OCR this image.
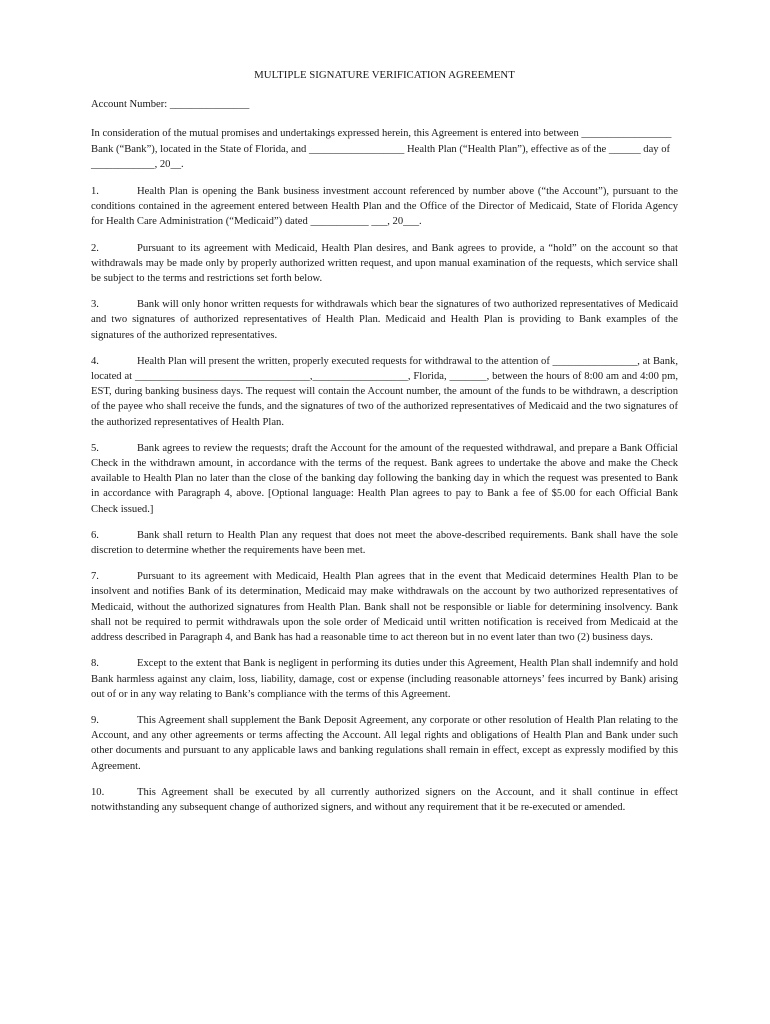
MULTIPLE SIGNATURE VERIFICATION AGREEMENT
Account Number: _______________
In consideration of the mutual promises and undertakings expressed herein, this Agreement is entered into between _________________ Bank (“Bank”), located in the State of Florida, and __________________ Health Plan (“Health Plan”), effective as of the ______ day of ____________, 20__.
1.	Health Plan is opening the Bank business investment account referenced by number above (“the Account”), pursuant to the conditions contained in the agreement entered between Health Plan and the Office of the Director of Medicaid, State of Florida Agency for Health Care Administration (“Medicaid”) dated ___________ ___, 20___.
2.	Pursuant to its agreement with Medicaid, Health Plan desires, and Bank agrees to provide, a “hold” on the account so that withdrawals may be made only by properly authorized written request, and upon manual examination of the requests, which service shall be subject to the terms and restrictions set forth below.
3.	Bank will only honor written requests for withdrawals which bear the signatures of two authorized representatives of Medicaid and two signatures of authorized representatives of Health Plan. Medicaid and Health Plan is providing to Bank examples of the signatures of the authorized representatives.
4.	Health Plan will present the written, properly executed requests for withdrawal to the attention of ________________, at Bank, located at _________________________________,__________________, Florida, _______, between the hours of 8:00 am and 4:00 pm, EST, during banking business days. The request will contain the Account number, the amount of the funds to be withdrawn, a description of the payee who shall receive the funds, and the signatures of two of the authorized representatives of Medicaid and the two signatures of the authorized representatives of Health Plan.
5.	Bank agrees to review the requests; draft the Account for the amount of the requested withdrawal, and prepare a Bank Official Check in the withdrawn amount, in accordance with the terms of the request. Bank agrees to undertake the above and make the Check available to Health Plan no later than the close of the banking day following the banking day in which the request was presented to Bank in accordance with Paragraph 4, above. [Optional language: Health Plan agrees to pay to Bank a fee of $5.00 for each Official Bank Check issued.]
6.	Bank shall return to Health Plan any request that does not meet the above-described requirements. Bank shall have the sole discretion to determine whether the requirements have been met.
7.	Pursuant to its agreement with Medicaid, Health Plan agrees that in the event that Medicaid determines Health Plan to be insolvent and notifies Bank of its determination, Medicaid may make withdrawals on the account by two authorized representatives of Medicaid, without the authorized signatures from Health Plan. Bank shall not be responsible or liable for determining insolvency. Bank shall not be required to permit withdrawals upon the sole order of Medicaid until written notification is received from Medicaid at the address described in Paragraph 4, and Bank has had a reasonable time to act thereon but in no event later than two (2) business days.
8.	Except to the extent that Bank is negligent in performing its duties under this Agreement, Health Plan shall indemnify and hold Bank harmless against any claim, loss, liability, damage, cost or expense (including reasonable attorneys’ fees incurred by Bank) arising out of or in any way relating to Bank’s compliance with the terms of this Agreement.
9.	This Agreement shall supplement the Bank Deposit Agreement, any corporate or other resolution of Health Plan relating to the Account, and any other agreements or terms affecting the Account. All legal rights and obligations of Health Plan and Bank under such other documents and pursuant to any applicable laws and banking regulations shall remain in effect, except as expressly modified by this Agreement.
10.	This Agreement shall be executed by all currently authorized signers on the Account, and it shall continue in effect notwithstanding any subsequent change of authorized signers, and without any requirement that it be re-executed or amended.
